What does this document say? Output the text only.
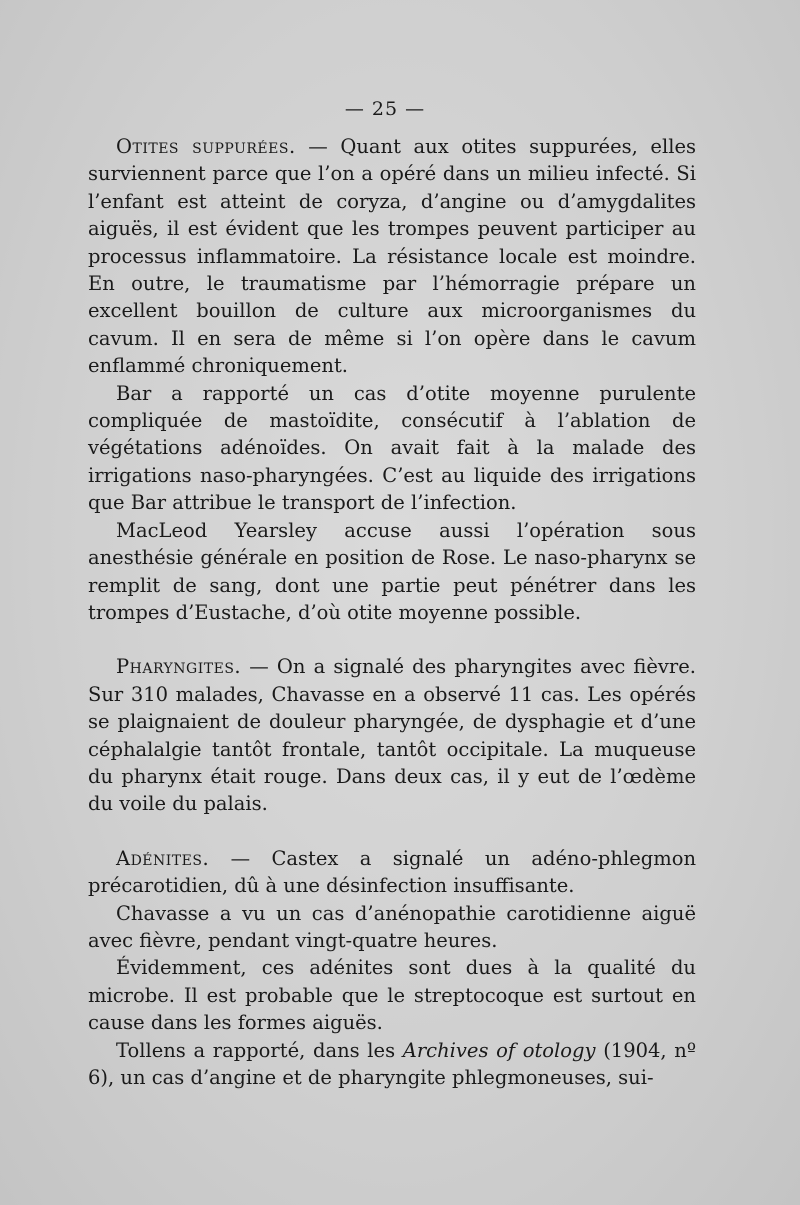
— 25 —

Otites suppurées. — Quant aux otites suppurées, elles surviennent parce que l’on a opéré dans un milieu infecté. Si l’enfant est atteint de coryza, d’angine ou d’amygdalites aiguës, il est évident que les trompes peuvent participer au processus inflammatoire. La résistance locale est moindre. En outre, le traumatisme par l’hémorragie prépare un excellent bouillon de culture aux microorganismes du cavum. Il en sera de même si l’on opère dans le cavum enflammé chroniquement.

Bar a rapporté un cas d’otite moyenne purulente compliquée de mastoïdite, consécutif à l’ablation de végétations adénoïdes. On avait fait à la malade des irrigations naso-pharyngées. C’est au liquide des irrigations que Bar attribue le transport de l’infection.

MacLeod Yearsley accuse aussi l’opération sous anesthésie générale en position de Rose. Le naso-pharynx se remplit de sang, dont une partie peut pénétrer dans les trompes d’Eustache, d’où otite moyenne possible.

Pharyngites. — On a signalé des pharyngites avec fièvre. Sur 310 malades, Chavasse en a observé 11 cas. Les opérés se plaignaient de douleur pharyngée, de dysphagie et d’une céphalalgie tantôt frontale, tantôt occipitale. La muqueuse du pharynx était rouge. Dans deux cas, il y eut de l’œdème du voile du palais.

Adénites. — Castex a signalé un adéno-phlegmon précarotidien, dû à une désinfection insuffisante.

Chavasse a vu un cas d’anénopathie carotidienne aiguë avec fièvre, pendant vingt-quatre heures.

Évidemment, ces adénites sont dues à la qualité du microbe. Il est probable que le streptocoque est surtout en cause dans les formes aiguës.

Tollens a rapporté, dans les Archives of otology (1904, nº 6), un cas d’angine et de pharyngite phlegmoneuses, sui-
